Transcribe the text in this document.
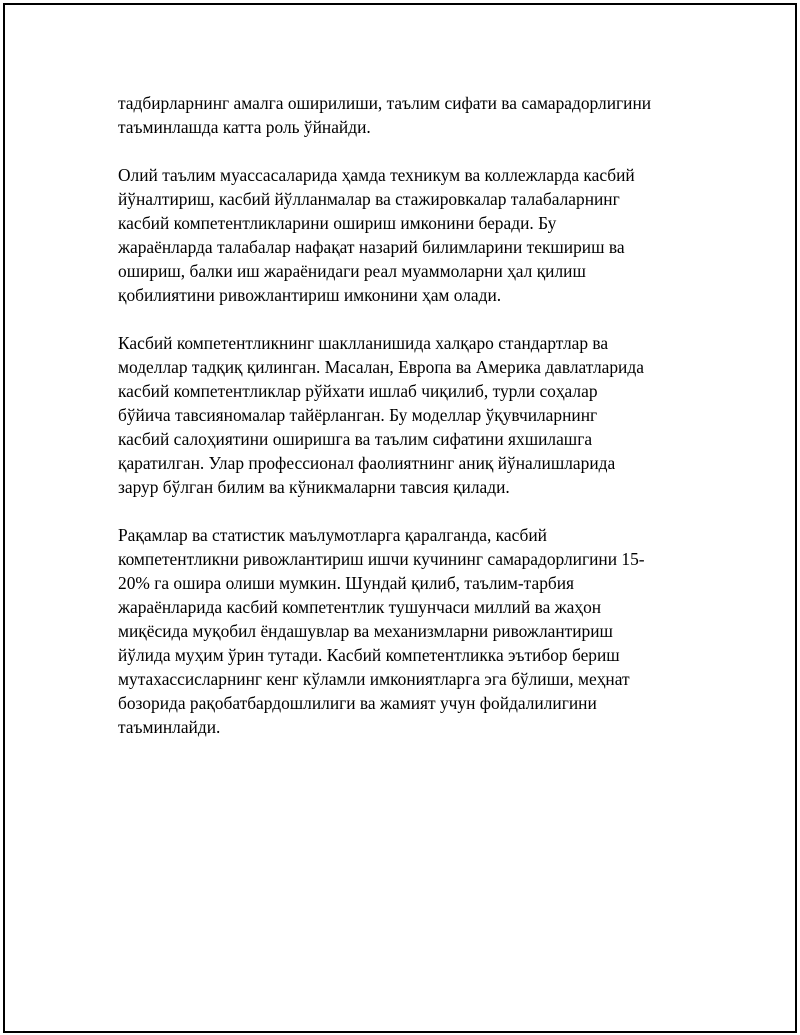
тадбирларнинг амалга оширилиши, таълим сифати ва самарадорлигини
таъминлашда катта роль ўйнайди.

Олий таълим муассасаларида ҳамда техникум ва коллежларда касбий
йўналтириш, касбий йўлланмалар ва стажировкалар талабаларнинг
касбий компетентликларини ошириш имконини беради. Бу
жараёнларда талабалар нафақат назарий билимларини текшириш ва
ошириш, балки иш жараёнидаги реал муаммоларни ҳал қилиш
қобилиятини ривожлантириш имконини ҳам олади.

Касбий компетентликнинг шаклланишида халқаро стандартлар ва
моделлар тадқиқ қилинган. Масалан, Европа ва Америка давлатларида
касбий компетентликлар рўйхати ишлаб чиқилиб, турли соҳалар
бўйича тавсияномалар тайёрланган. Бу моделлар ўқувчиларнинг
касбий салоҳиятини оширишга ва таълим сифатини яхшилашга
қаратилган. Улар профессионал фаолиятнинг аниқ йўналишларида
зарур бўлган билим ва кўникмаларни тавсия қилади.

Рақамлар ва статистик маълумотларга қаралганда, касбий
компетентликни ривожлантириш ишчи кучининг самарадорлигини 15-
20% га ошира олиши мумкин. Шундай қилиб, таълим-тарбия
жараёнларида касбий компетентлик тушунчаси миллий ва жаҳон
миқёсида муқобил ёндашувлар ва механизмларни ривожлантириш
йўлида муҳим ўрин тутади. Касбий компетентликка эътибор бериш
мутахассисларнинг кенг кўламли имкониятларга эга бўлиши, меҳнат
бозорида рақобатбардошлилиги ва жамият учун фойдалилигини
таъминлайди.
